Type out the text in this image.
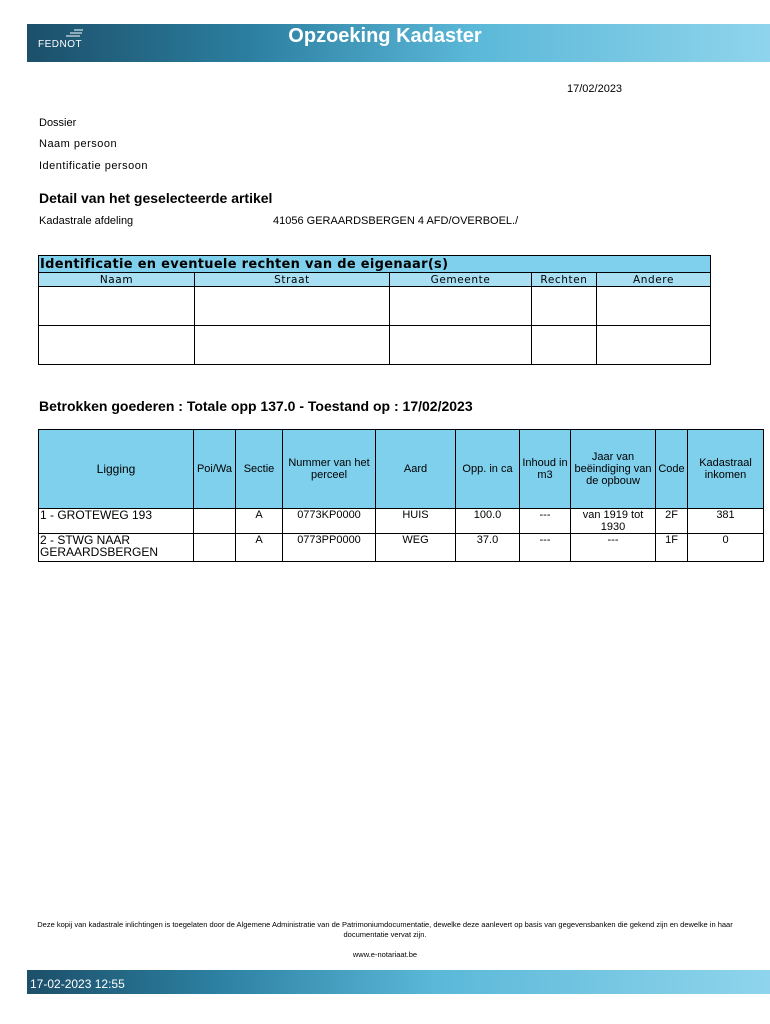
FEDNOT	Opzoeking Kadaster
17/02/2023
Dossier
Naam persoon
Identificatie persoon
Detail van het geselecteerde artikel
Kadastrale afdeling	41056 GERAARDSBERGEN 4 AFD/OVERBOEL./
Identificatie en eventuele rechten van de eigenaar(s)				
Naam	Straat	Gemeente	Rechten	Andere

Betrokken goederen : Totale opp 137.0 - Toestand op : 17/02/2023
Ligging	Poi/Wa	Sectie	Nummer van het perceel	Aard	Opp. in ca	Inhoud in m3	Jaar van beëindiging van de opbouw	Code	Kadastraal inkomen
1 - GROTEWEG 193		A	0773KP0000	HUIS	100.0	---	van 1919 tot 1930	2F	381
2 - STWG NAAR GERAARDSBERGEN		A	0773PP0000	WEG	37.0	---	---	1F	0
Deze kopij van kadastrale inlichtingen is toegelaten door de Algemene Administratie van de Patrimoniumdocumentatie, dewelke deze aanlevert op basis van gegevensbanken die gekend zijn en dewelke in haar documentatie vervat zijn.
www.e-notariaat.be
17-02-2023 12:55
